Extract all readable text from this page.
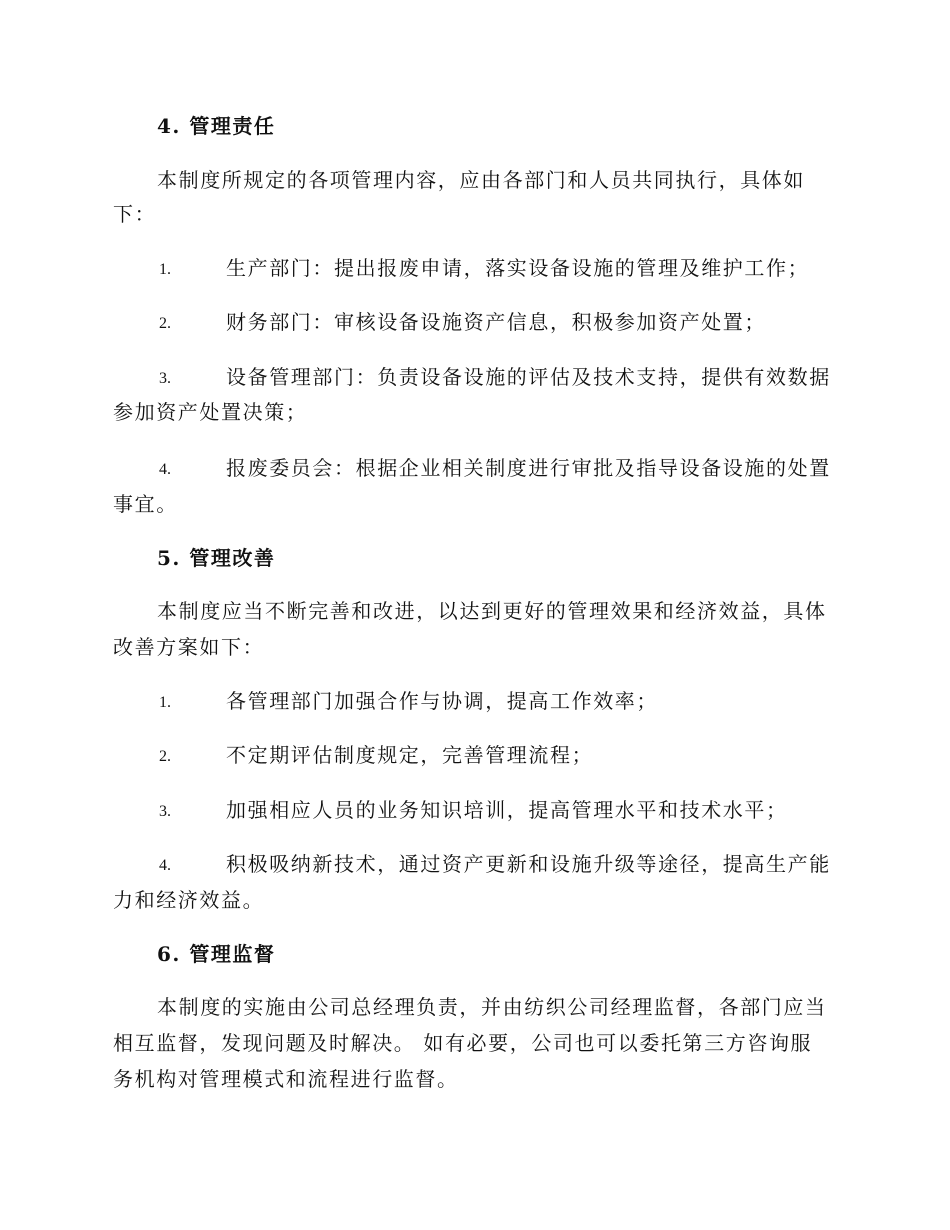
4. 管理责任
本制度所规定的各项管理内容，应由各部门和人员共同执行，具体如
下：
1.	生产部门：提出报废申请，落实设备设施的管理及维护工作；
2.	财务部门：审核设备设施资产信息，积极参加资产处置；
3.	设备管理部门：负责设备设施的评估及技术支持，提供有效数据
参加资产处置决策；
4.	报废委员会：根据企业相关制度进行审批及指导设备设施的处置
事宜。
5. 管理改善
本制度应当不断完善和改进，以达到更好的管理效果和经济效益，具体
改善方案如下：
1.	各管理部门加强合作与协调，提高工作效率；
2.	不定期评估制度规定，完善管理流程；
3.	加强相应人员的业务知识培训，提高管理水平和技术水平；
4.	积极吸纳新技术，通过资产更新和设施升级等途径，提高生产能
力和经济效益。
6. 管理监督
本制度的实施由公司总经理负责，并由纺织公司经理监督，各部门应当
相互监督，发现问题及时解决。 如有必要，公司也可以委托第三方咨询服
务机构对管理模式和流程进行监督。
